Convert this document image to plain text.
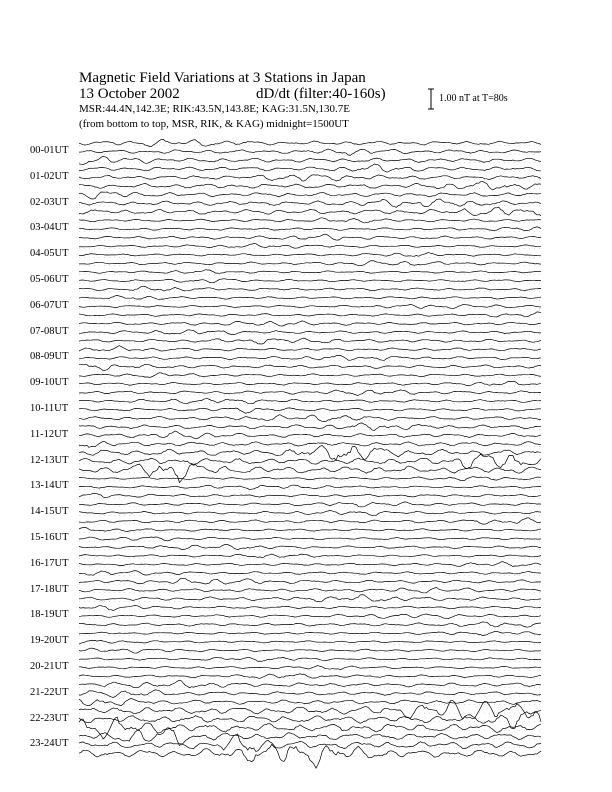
Magnetic Field Variations at 3 Stations in Japan
13 October 2002	dD/dt (filter:40-160s)
MSR:44.4N,142.3E; RIK:43.5N,143.8E; KAG:31.5N,130.7E
(from bottom to top, MSR, RIK, & KAG) midnight=1500UT
1.00 nT at T=80s
00-01UT
01-02UT
02-03UT
03-04UT
04-05UT
05-06UT
06-07UT
07-08UT
08-09UT
09-10UT
10-11UT
11-12UT
12-13UT
13-14UT
14-15UT
15-16UT
16-17UT
17-18UT
18-19UT
19-20UT
20-21UT
21-22UT
22-23UT
23-24UT
